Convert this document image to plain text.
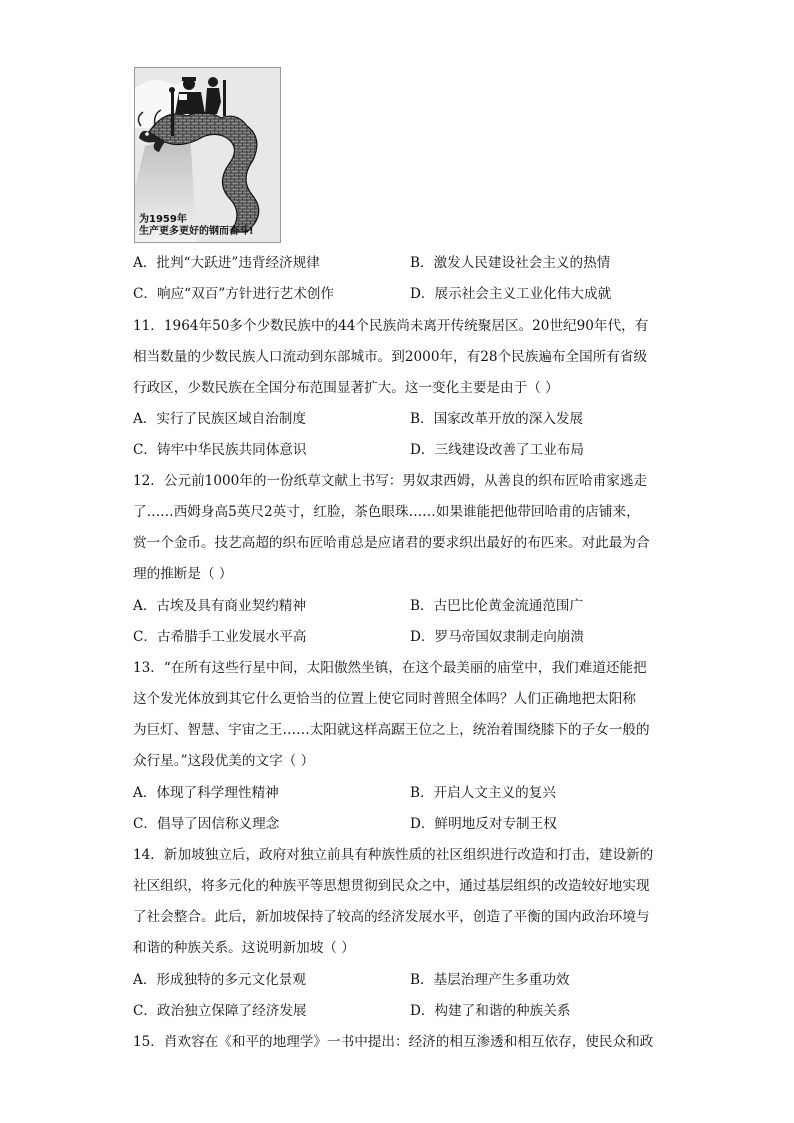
为1959年
生产更多更好的钢而奋斗!
A．批判“大跃进”违背经济规律	B．激发人民建设社会主义的热情
C．响应“双百”方针进行艺术创作	D．展示社会主义工业化伟大成就
11．1964年50多个少数民族中的44个民族尚未离开传统聚居区。20世纪90年代，有
相当数量的少数民族人口流动到东部城市。到2000年，有28个民族遍布全国所有省级
行政区，少数民族在全国分布范围显著扩大。这一变化主要是由于（ ）
A．实行了民族区域自治制度	B．国家改革开放的深入发展
C．铸牢中华民族共同体意识	D．三线建设改善了工业布局
12．公元前1000年的一份纸草文献上书写：男奴隶西姆，从善良的织布匠哈甫家逃走
了……西姆身高5英尺2英寸，红脸，茶色眼珠……如果谁能把他带回哈甫的店铺来，
赏一个金币。技艺高超的织布匠哈甫总是应诸君的要求织出最好的布匹来。对此最为合
理的推断是（ ）
A．古埃及具有商业契约精神	B．古巴比伦黄金流通范围广
C．古希腊手工业发展水平高	D．罗马帝国奴隶制走向崩溃
13．“在所有这些行星中间，太阳傲然坐镇，在这个最美丽的庙堂中，我们难道还能把
这个发光体放到其它什么更恰当的位置上使它同时普照全体吗？人们正确地把太阳称
为巨灯、智慧、宇宙之王……太阳就这样高踞王位之上，统治着围绕膝下的子女一般的
众行星。”这段优美的文字（ ）
A．体现了科学理性精神	B．开启人文主义的复兴
C．倡导了因信称义理念	D．鲜明地反对专制王权
14．新加坡独立后，政府对独立前具有种族性质的社区组织进行改造和打击，建设新的
社区组织，将多元化的种族平等思想贯彻到民众之中，通过基层组织的改造较好地实现
了社会整合。此后，新加坡保持了较高的经济发展水平，创造了平衡的国内政治环境与
和谐的种族关系。这说明新加坡（ ）
A．形成独特的多元文化景观	B．基层治理产生多重功效
C．政治独立保障了经济发展	D．构建了和谐的种族关系
15．肖欢容在《和平的地理学》一书中提出：经济的相互渗透和相互依存，使民众和政
